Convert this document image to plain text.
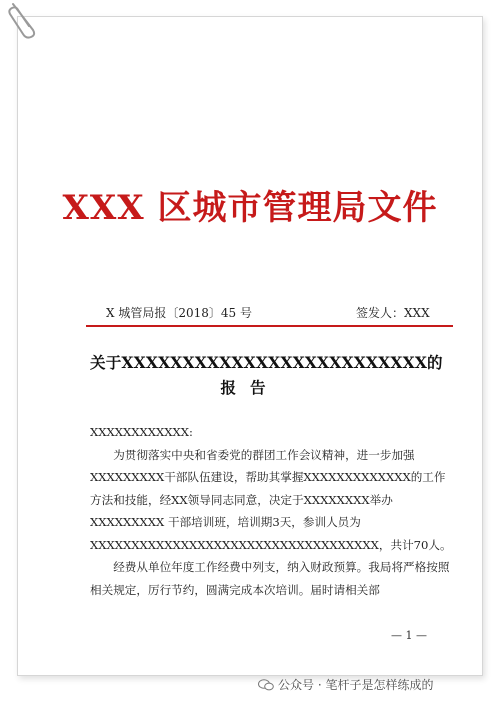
XXX 区城市管理局文件
X 城管局报〔2018〕45 号	签发人：XXX
关于XXXXXXXXXXXXXXXXXXXXXXXXX的
报告

XXXXXXXXXXXX:

为贯彻落实中央和省委党的群团工作会议精神，进一步加强XXXXXXXXX干部队伍建设，帮助其掌握XXXXXXXXXXXXX的工作方法和技能，经XX领导同志同意，决定于XXXXXXXX举办 XXXXXXXXX 干部培训班，培训期3天，参训人员为XXXXXXXXXXXXXXXXXXXXXXXXXXXXXXXXXXX，共计70人。

经费从单位年度工作经费中列支，纳入财政预算。我局将严格按照相关规定，厉行节约，圆满完成本次培训。届时请相关部

— 1 —
公众号 · 笔杆子是怎样练成的
